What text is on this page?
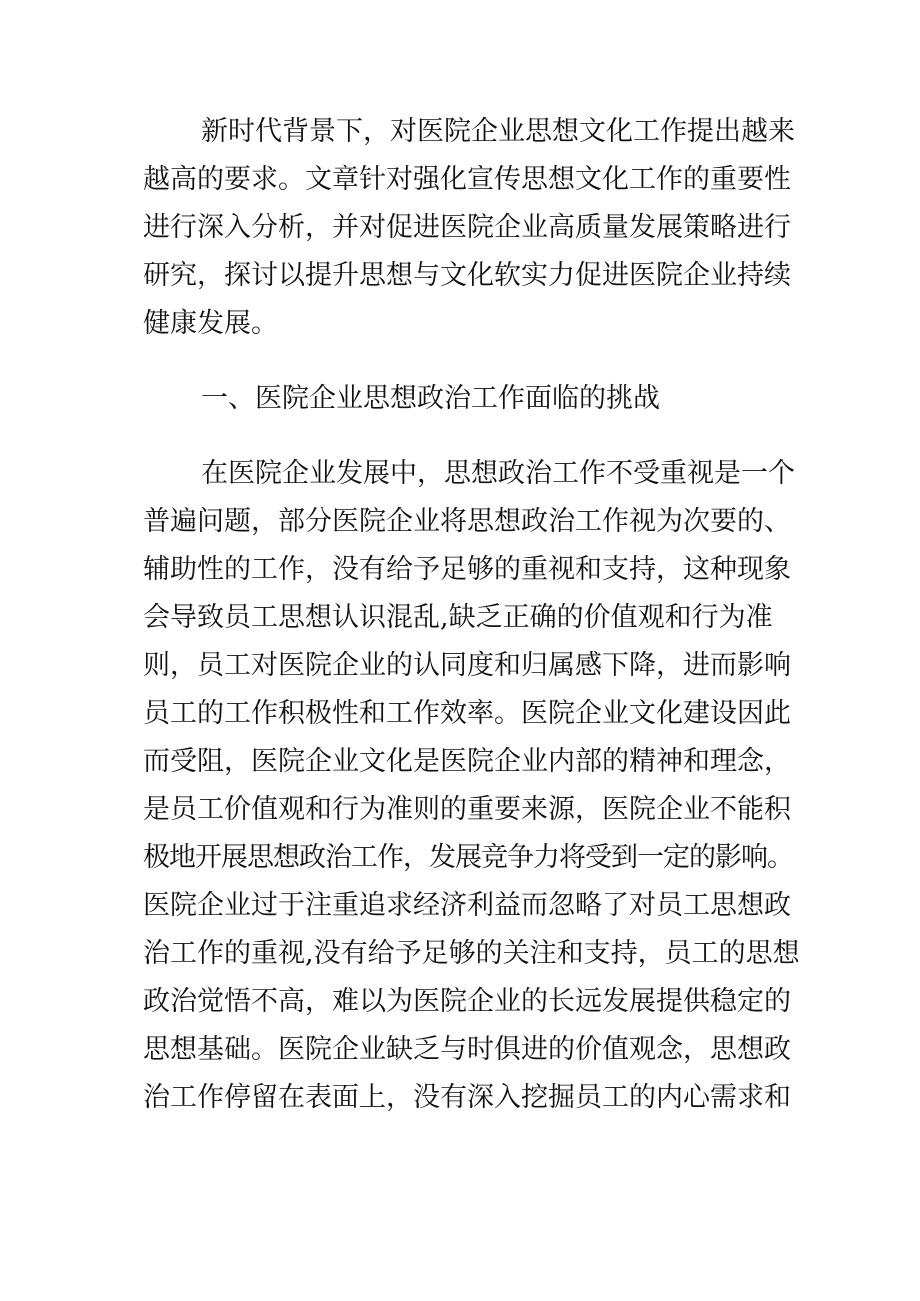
新时代背景下，对医院企业思想文化工作提出越来
越高的要求。文章针对强化宣传思想文化工作的重要性
进行深入分析，并对促进医院企业高质量发展策略进行
研究，探讨以提升思想与文化软实力促进医院企业持续
健康发展。
一、医院企业思想政治工作面临的挑战
在医院企业发展中，思想政治工作不受重视是一个
普遍问题，部分医院企业将思想政治工作视为次要的、
辅助性的工作，没有给予足够的重视和支持，这种现象
会导致员工思想认识混乱,缺乏正确的价值观和行为准
则，员工对医院企业的认同度和归属感下降，进而影响
员工的工作积极性和工作效率。医院企业文化建设因此
而受阻，医院企业文化是医院企业内部的精神和理念，
是员工价值观和行为准则的重要来源，医院企业不能积
极地开展思想政治工作，发展竞争力将受到一定的影响。
医院企业过于注重追求经济利益而忽略了对员工思想政
治工作的重视,没有给予足够的关注和支持，员工的思想
政治觉悟不高，难以为医院企业的长远发展提供稳定的
思想基础。医院企业缺乏与时俱进的价值观念，思想政
治工作停留在表面上，没有深入挖掘员工的内心需求和
